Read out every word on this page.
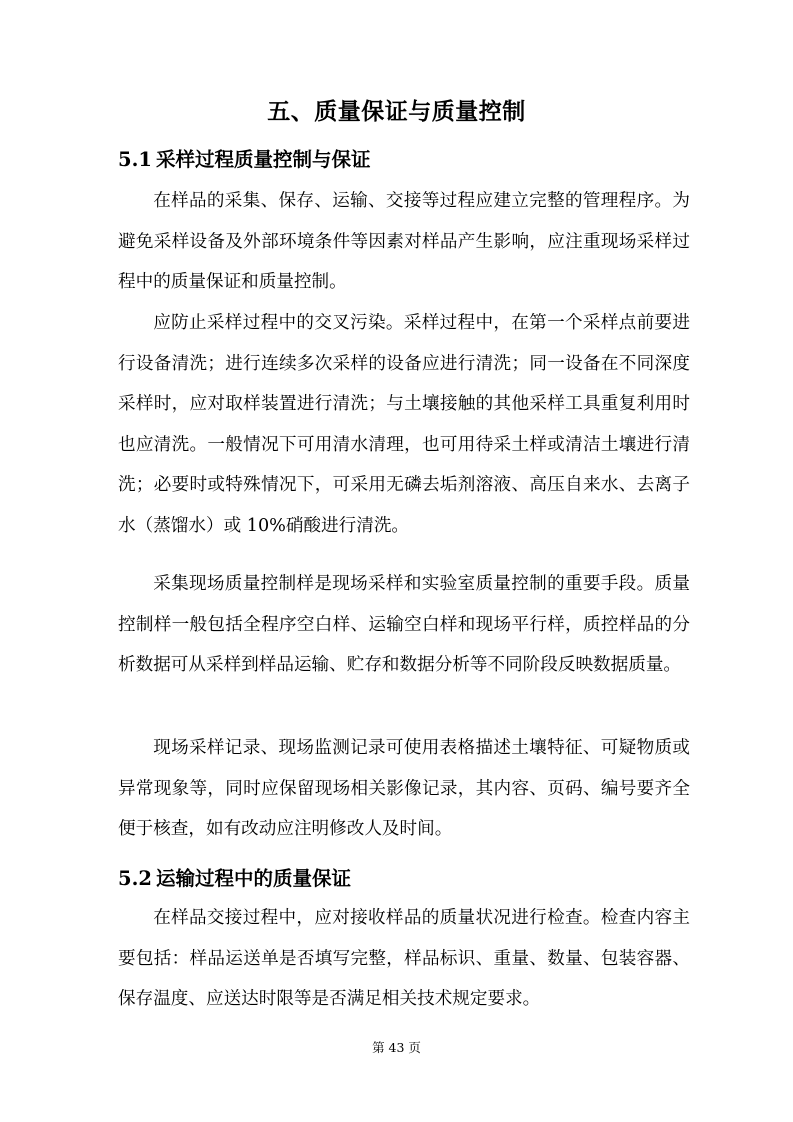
五、质量保证与质量控制
5.1 采样过程质量控制与保证

在样品的采集、保存、运输、交接等过程应建立完整的管理程序。为避免采样设备及外部环境条件等因素对样品产生影响，应注重现场采样过程中的质量保证和质量控制。

应防止采样过程中的交叉污染。采样过程中，在第一个采样点前要进行设备清洗；进行连续多次采样的设备应进行清洗；同一设备在不同深度采样时，应对取样装置进行清洗；与土壤接触的其他采样工具重复利用时也应清洗。一般情况下可用清水清理，也可用待采土样或清洁土壤进行清洗；必要时或特殊情况下，可采用无磷去垢剂溶液、高压自来水、去离子水（蒸馏水）或 10%硝酸进行清洗。

采集现场质量控制样是现场采样和实验室质量控制的重要手段。质量控制样一般包括全程序空白样、运输空白样和现场平行样，质控样品的分析数据可从采样到样品运输、贮存和数据分析等不同阶段反映数据质量。

现场采样记录、现场监测记录可使用表格描述土壤特征、可疑物质或异常现象等，同时应保留现场相关影像记录，其内容、页码、编号要齐全便于核查，如有改动应注明修改人及时间。

5.2 运输过程中的质量保证

在样品交接过程中，应对接收样品的质量状况进行检查。检查内容主要包括：样品运送单是否填写完整，样品标识、重量、数量、包装容器、保存温度、应送达时限等是否满足相关技术规定要求。

第 43 页
